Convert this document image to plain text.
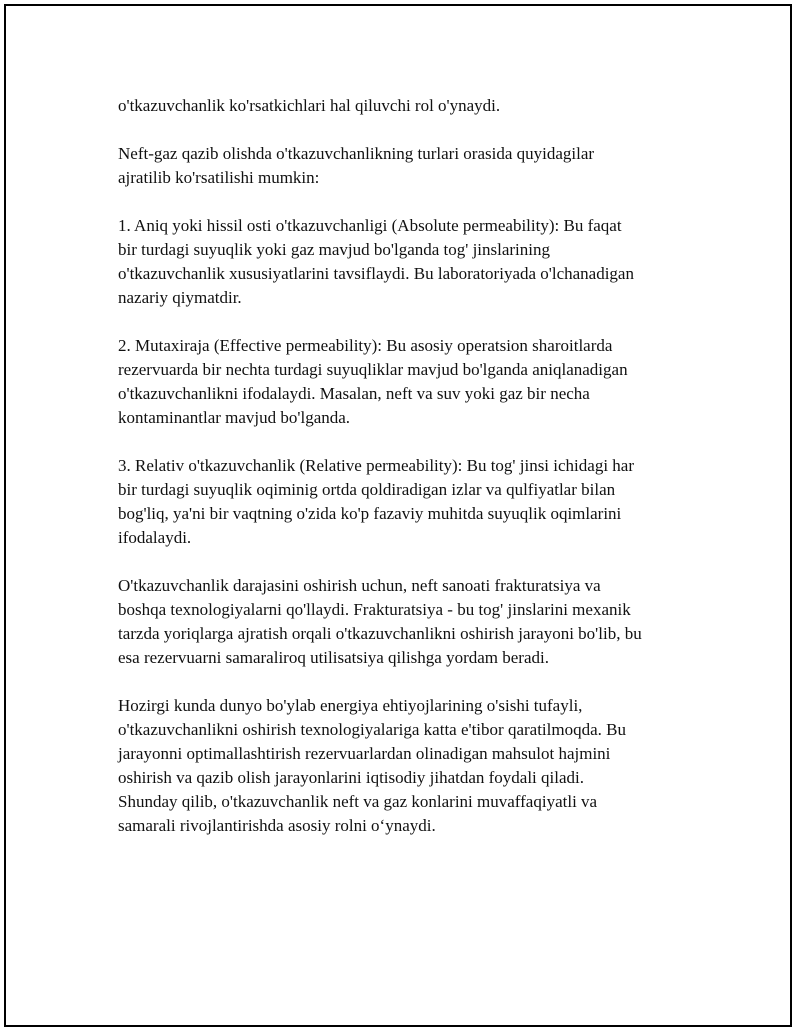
o'tkazuvchanlik ko'rsatkichlari hal qiluvchi rol o'ynaydi.

Neft-gaz qazib olishda o'tkazuvchanlikning turlari orasida quyidagilar
ajratilib ko'rsatilishi mumkin:

1. Aniq yoki hissil osti o'tkazuvchanligi (Absolute permeability): Bu faqat
bir turdagi suyuqlik yoki gaz mavjud bo'lganda tog' jinslarining
o'tkazuvchanlik xususiyatlarini tavsiflaydi. Bu laboratoriyada o'lchanadigan
nazariy qiymatdir.

2. Mutaxiraja (Effective permeability): Bu asosiy operatsion sharoitlarda
rezervuarda bir nechta turdagi suyuqliklar mavjud bo'lganda aniqlanadigan
o'tkazuvchanlikni ifodalaydi. Masalan, neft va suv yoki gaz bir necha
kontaminantlar mavjud bo'lganda.

3. Relativ o'tkazuvchanlik (Relative permeability): Bu tog' jinsi ichidagi har
bir turdagi suyuqlik oqiminig ortda qoldiradigan izlar va qulfiyatlar bilan
bog'liq, ya'ni bir vaqtning o'zida ko'p fazaviy muhitda suyuqlik oqimlarini
ifodalaydi.

O'tkazuvchanlik darajasini oshirish uchun, neft sanoati frakturatsiya va
boshqa texnologiyalarni qo'llaydi. Frakturatsiya - bu tog' jinslarini mexanik
tarzda yoriqlarga ajratish orqali o'tkazuvchanlikni oshirish jarayoni bo'lib, bu
esa rezervuarni samaraliroq utilisatsiya qilishga yordam beradi.

Hozirgi kunda dunyo bo'ylab energiya ehtiyojlarining o'sishi tufayli,
o'tkazuvchanlikni oshirish texnologiyalariga katta e'tibor qaratilmoqda. Bu
jarayonni optimallashtirish rezervuarlardan olinadigan mahsulot hajmini
oshirish va qazib olish jarayonlarini iqtisodiy jihatdan foydali qiladi.
Shunday qilib, o'tkazuvchanlik neft va gaz konlarini muvaffaqiyatli va
samarali rivojlantirishda asosiy rolni o‘ynaydi.
